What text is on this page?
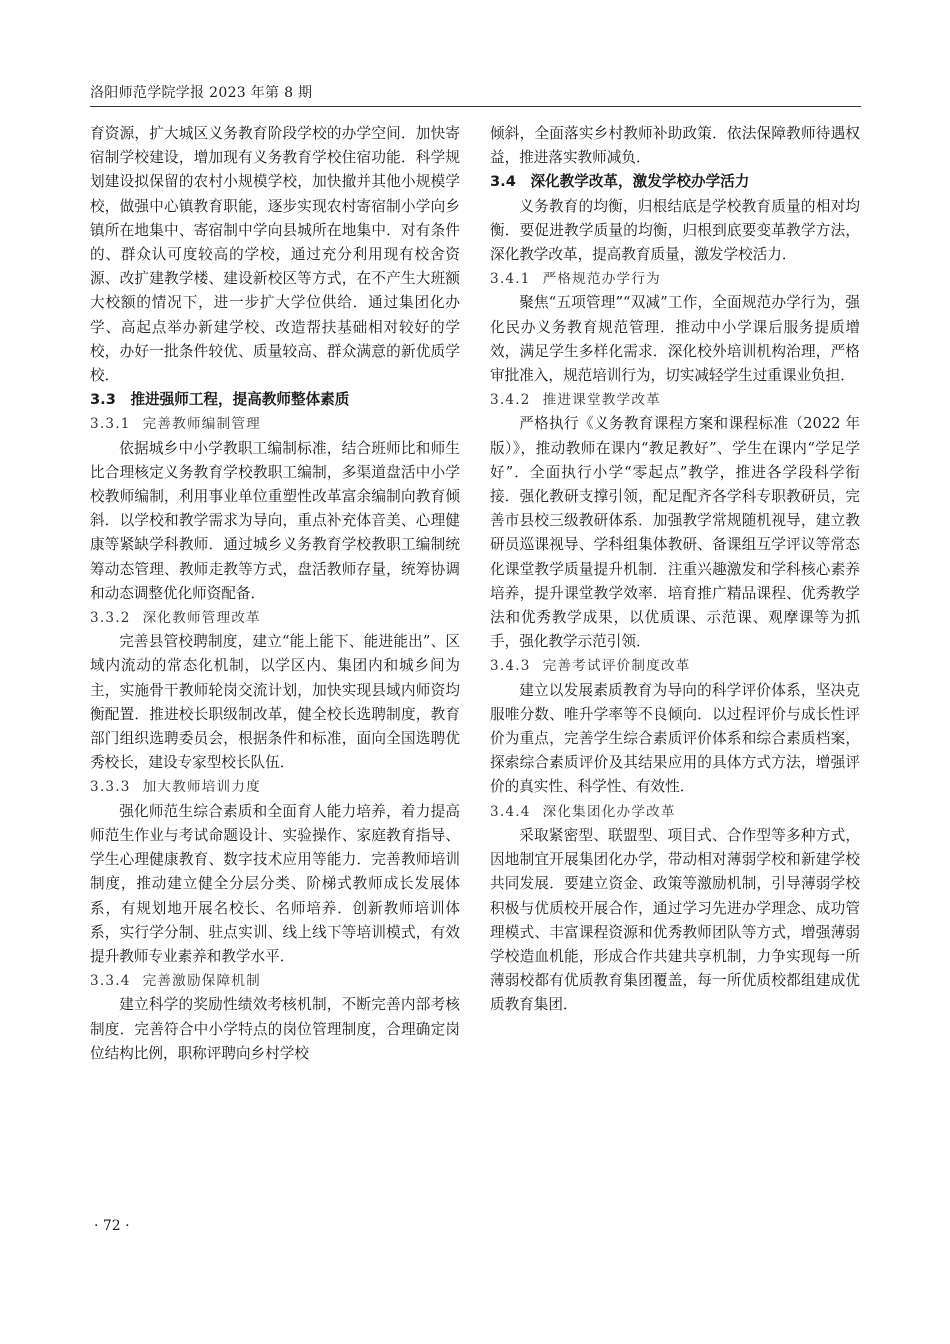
洛阳师范学院学报 2023 年第 8 期

育资源，扩大城区义务教育阶段学校的办学空间．加快寄宿制学校建设，增加现有义务教育学校住宿功能．科学规划建设拟保留的农村小规模学校，加快撤并其他小规模学校，做强中心镇教育职能，逐步实现农村寄宿制小学向乡镇所在地集中、寄宿制中学向县城所在地集中．对有条件的、群众认可度较高的学校，通过充分利用现有校舍资源、改扩建教学楼、建设新校区等方式，在不产生大班额大校额的情况下，进一步扩大学位供给．通过集团化办学、高起点举办新建学校、改造帮扶基础相对较好的学校，办好一批条件较优、质量较高、群众满意的新优质学校．

3.3　推进强师工程，提高教师整体素质
3.3.1 完善教师编制管理

依据城乡中小学教职工编制标准，结合班师比和师生比合理核定义务教育学校教职工编制，多渠道盘活中小学校教师编制，利用事业单位重塑性改革富余编制向教育倾斜．以学校和教学需求为导向，重点补充体音美、心理健康等紧缺学科教师．通过城乡义务教育学校教职工编制统筹动态管理、教师走教等方式，盘活教师存量，统筹协调和动态调整优化师资配备．

3.3.2 深化教师管理改革

完善县管校聘制度，建立“能上能下、能进能出”、区域内流动的常态化机制，以学区内、集团内和城乡间为主，实施骨干教师轮岗交流计划，加快实现县域内师资均衡配置．推进校长职级制改革，健全校长选聘制度，教育部门组织选聘委员会，根据条件和标准，面向全国选聘优秀校长，建设专家型校长队伍．

3.3.3 加大教师培训力度

强化师范生综合素质和全面育人能力培养，着力提高师范生作业与考试命题设计、实验操作、家庭教育指导、学生心理健康教育、数字技术应用等能力．完善教师培训制度，推动建立健全分层分类、阶梯式教师成长发展体系，有规划地开展名校长、名师培养．创新教师培训体系，实行学分制、驻点实训、线上线下等培训模式，有效提升教师专业素养和教学水平．

3.3.4 完善激励保障机制

建立科学的奖励性绩效考核机制，不断完善内部考核制度．完善符合中小学特点的岗位管理制度，合理确定岗位结构比例，职称评聘向乡村学校

倾斜，全面落实乡村教师补助政策．依法保障教师待遇权益，推进落实教师减负．

3.4　深化教学改革，激发学校办学活力

义务教育的均衡，归根结底是学校教育质量的相对均衡．要促进教学质量的均衡，归根到底要变革教学方法，深化教学改革，提高教育质量，激发学校活力．

3.4.1 严格规范办学行为

聚焦“五项管理”“双减”工作，全面规范办学行为，强化民办义务教育规范管理．推动中小学课后服务提质增效，满足学生多样化需求．深化校外培训机构治理，严格审批准入，规范培训行为，切实减轻学生过重课业负担．

3.4.2 推进课堂教学改革

严格执行《义务教育课程方案和课程标准（2022 年版）》，推动教师在课内“教足教好”、学生在课内“学足学好”．全面执行小学“零起点”教学，推进各学段科学衔接．强化教研支撑引领，配足配齐各学科专职教研员，完善市县校三级教研体系．加强教学常规随机视导，建立教研员巡课视导、学科组集体教研、备课组互学评议等常态化课堂教学质量提升机制．注重兴趣激发和学科核心素养培养，提升课堂教学效率．培育推广精品课程、优秀教学法和优秀教学成果，以优质课、示范课、观摩课等为抓手，强化教学示范引领．

3.4.3 完善考试评价制度改革

建立以发展素质教育为导向的科学评价体系，坚决克服唯分数、唯升学率等不良倾向．以过程评价与成长性评价为重点，完善学生综合素质评价体系和综合素质档案，探索综合素质评价及其结果应用的具体方式方法，增强评价的真实性、科学性、有效性．

3.4.4 深化集团化办学改革

采取紧密型、联盟型、项目式、合作型等多种方式，因地制宜开展集团化办学，带动相对薄弱学校和新建学校共同发展．要建立资金、政策等激励机制，引导薄弱学校积极与优质校开展合作，通过学习先进办学理念、成功管理模式、丰富课程资源和优秀教师团队等方式，增强薄弱学校造血机能，形成合作共建共享机制，力争实现每一所薄弱校都有优质教育集团覆盖，每一所优质校都组建成优质教育集团．

· 72 ·
